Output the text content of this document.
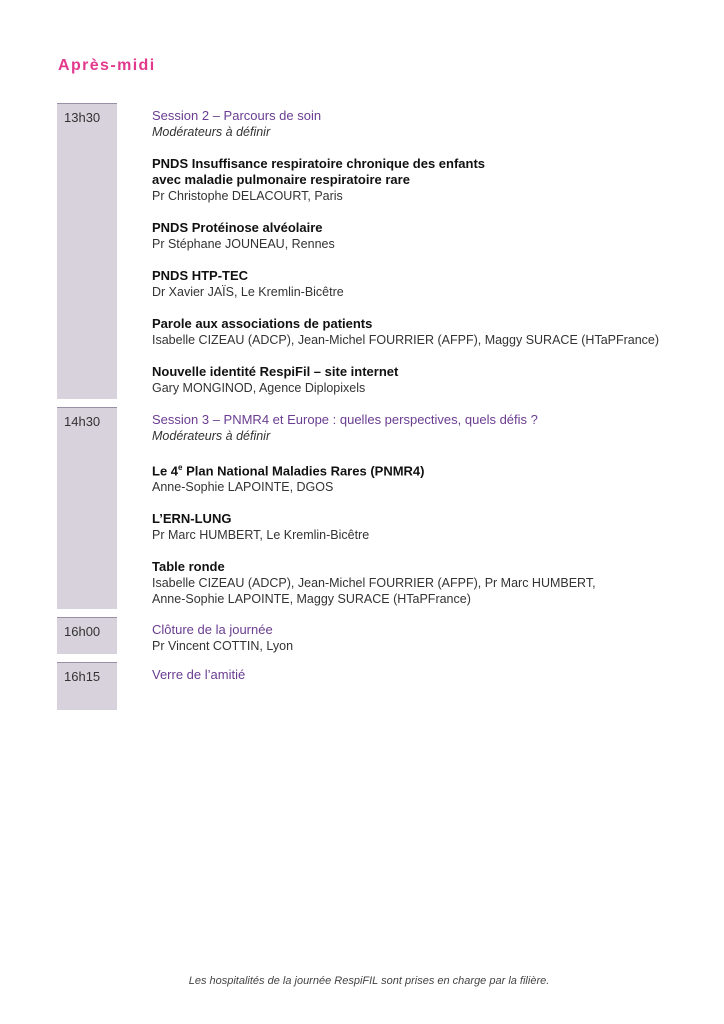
Après-midi
13h30	Session 2 – Parcours de soin
Modérateurs à définir
PNDS Insuffisance respiratoire chronique des enfants avec maladie pulmonaire respiratoire rare
Pr Christophe DELACOURT, Paris
PNDS Protéinose alvéolaire
Pr Stéphane JOUNEAU, Rennes
PNDS HTP-TEC
Dr Xavier JAÏS, Le Kremlin-Bicêtre
Parole aux associations de patients
Isabelle CIZEAU (ADCP), Jean-Michel FOURRIER (AFPF), Maggy SURACE (HTaPFrance)
Nouvelle identité RespiFil – site internet
Gary MONGINOD, Agence Diplopixels
14h30	Session 3 – PNMR4 et Europe : quelles perspectives, quels défis ?
Modérateurs à définir
Le 4e Plan National Maladies Rares (PNMR4)
Anne-Sophie LAPOINTE, DGOS
L’ERN-LUNG
Pr Marc HUMBERT, Le Kremlin-Bicêtre
Table ronde
Isabelle CIZEAU (ADCP), Jean-Michel FOURRIER (AFPF), Pr Marc HUMBERT,
Anne-Sophie LAPOINTE, Maggy SURACE (HTaPFrance)
16h00	Clôture de la journée
Pr Vincent COTTIN, Lyon
16h15	Verre de l’amitié
Les hospitalités de la journée RespiFIL sont prises en charge par la filière.
